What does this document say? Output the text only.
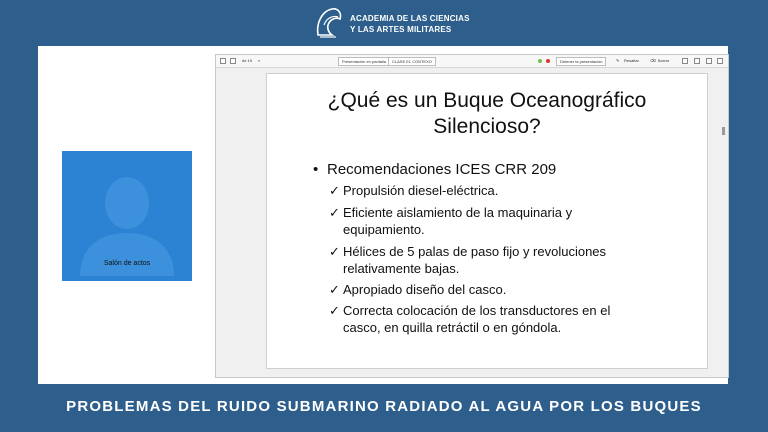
ACADEMIA DE LAS CIENCIAS
Y LAS ARTES MILITARES
Salón de actos
de 19 ⌕	Presentación en pantalla	CLASE EL CONTEXO	Detener la presentación	✎ Resaltar	⌫ Borrar
¿Qué es un Buque Oceanográfico
Silencioso?
• Recomendaciones ICES CRR 209
✓ Propulsión diesel-eléctrica.
✓ Eficiente aislamiento de la maquinaria y
equipamiento.
✓ Hélices de 5 palas de paso fijo y revoluciones
relativamente bajas.
✓ Apropiado diseño del casco.
✓ Correcta colocación de los transductores en el
casco, en quilla retráctil o en góndola.
PROBLEMAS DEL RUIDO SUBMARINO RADIADO AL AGUA POR LOS BUQUES
